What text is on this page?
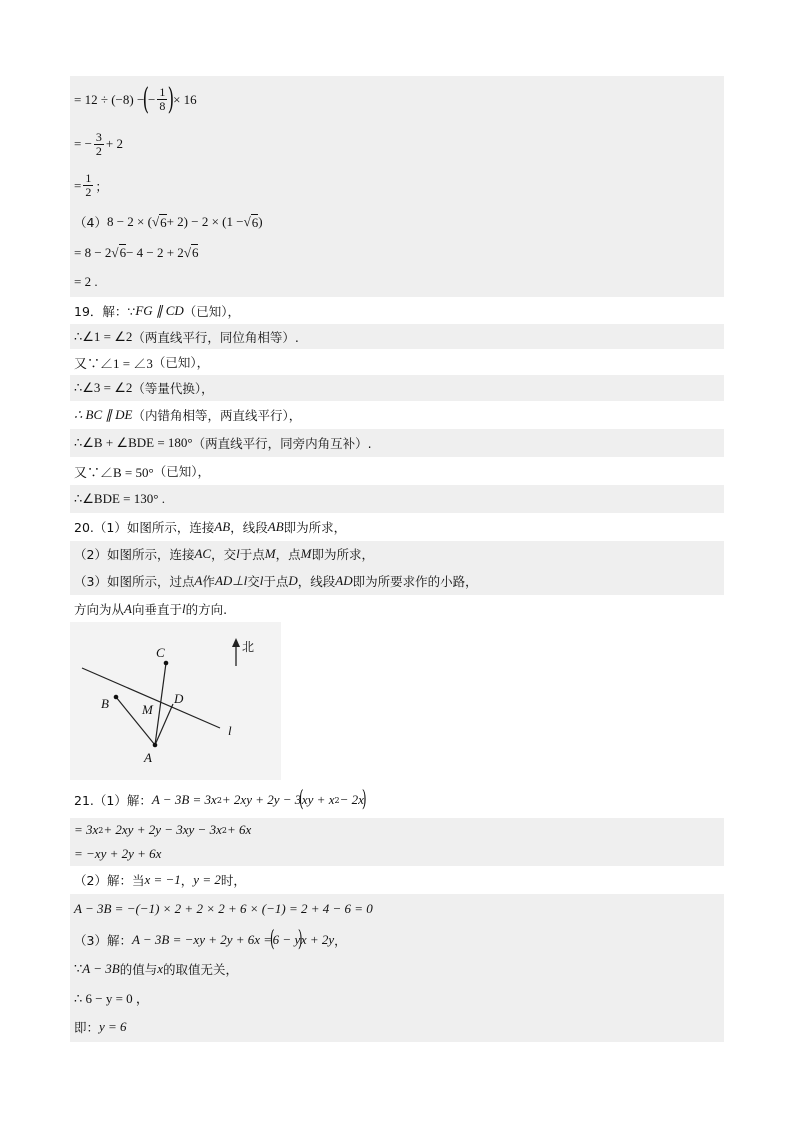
= 12 ÷ (−8) −
(
− $\frac{1}{8}$ )
× 16
= − $\frac{3}{2} + 2$
= $\frac{1}{2}$ ；
（4） 8 − 2 × ( √ 6 + 2) − 2 × (1 − √ 6 )
= 8 − 2 √ 6 − 4 − 2 + 2 √ 6
= 2 .
19．解：∵ FG ∥ CD （已知），
∴∠1 = ∠2 （两直线平行，同位角相等）.
又∵∠1 = ∠3 （已知），
∴∠3 = ∠2 （等量代换），
∴ BC ∥ DE （内错角相等，两直线平行），
∴∠B + ∠BDE = 180° （两直线平行，同旁内角互补）.
又∵∠B = 50° （已知），
∴∠BDE = 130° .
20.（1）如图所示，连接 AB ，线段 AB 即为所求，
（2）如图所示，连接 AC ，交 l 于点 M ，点 M 即为所求，
（3）如图所示，过点 A 作 AD⊥l 交 l 于点 D ，线段 AD 即为所要求作的小路，
方向为从 A 向垂直于 l 的方向.
C
B	M
D
A
l
北
21.（1）解： A − 3B = 3x 2 + 2xy + 2y − 3
(
xy + x 2 − 2x
)
= 3x 2 + 2xy + 2y − 3xy − 3x 2 + 6x
= −xy + 2y + 6x
（2）解：当 x = −1 ， y = 2 时，
A − 3B = −(−1) × 2 + 2 × 2 + 6 × (−1) = 2 + 4 − 6 = 0
（3）解： A − 3B = −xy + 2y + 6x =
(
6 − y
)
x + 2y ，
∵ A − 3B 的值与 x 的取值无关，
∴ 6 − y = 0 ，
即： y = 6
